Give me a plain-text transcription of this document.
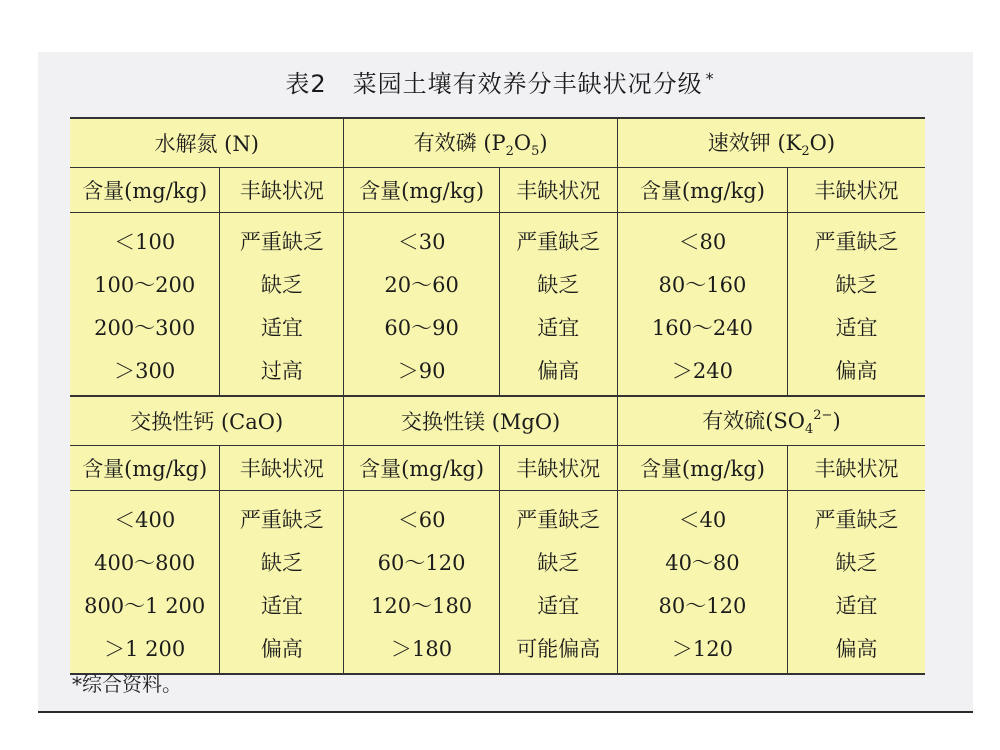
表2 菜园土壤有效养分丰缺状况分级 *
水解氮 (N)		有效磷 $(P_2O_5)$		速效钾 $(K_2O)$	
含量(mg/kg)	丰缺状况	含量(mg/kg)	丰缺状况	含量(mg/kg)	丰缺状况
＜100	严重缺乏	＜30	严重缺乏	＜80	严重缺乏
100～200	缺乏	20～60	缺乏	80～160	缺乏
200～300	适宜	60～90	适宜	160～240	适宜
＞300	过高	＞90	偏高	＞240	偏高
交换性钙 (CaO)		交换性镁 (MgO)		有效硫$(SO_4^{2-})$	
含量(mg/kg)	丰缺状况	含量(mg/kg)	丰缺状况	含量(mg/kg)	丰缺状况
＜400	严重缺乏	＜60	严重缺乏	＜40	严重缺乏
400～800	缺乏	60～120	缺乏	40～80	缺乏
800～1 200	适宜	120～180	适宜	80～120	适宜
＞1 200	偏高	＞180	可能偏高	＞120	偏高
*综合资料。
